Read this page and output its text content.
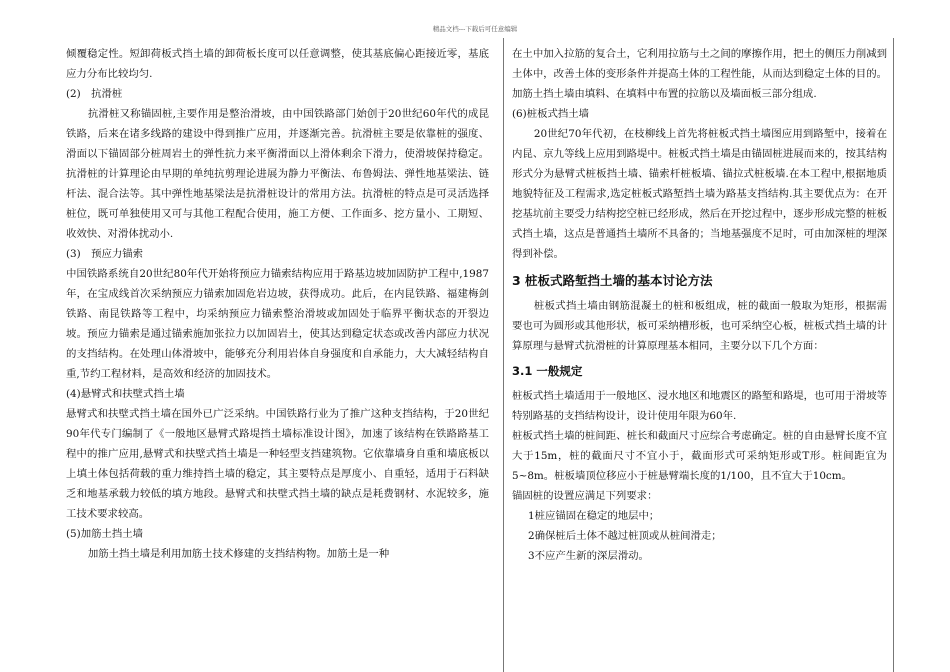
精品文档---下载后可任意编辑

倾覆稳定性。短卸荷板式挡土墙的卸荷板长度可以任意调整，使其基底偏心距接近零，基底应力分布比较均匀.

(2)　抗滑桩

抗滑桩又称锚固桩,主要作用是整治滑坡，由中国铁路部门始创于20世纪60年代的成昆铁路，后来在诸多线路的建设中得到推广应用，并逐渐完善。抗滑桩主要是依靠桩的强度、滑面以下锚固部分桩周岩土的弹性抗力来平衡滑面以上滑体剩余下滑力，使滑坡保持稳定。抗滑桩的计算理论由早期的单纯抗剪理论进展为静力平衡法、布鲁姆法、弹性地基梁法、链杆法、混合法等。其中弹性地基梁法是抗滑桩设计的常用方法。抗滑桩的特点是可灵活选择桩位，既可单独使用又可与其他工程配合使用，施工方便、工作面多、挖方量小、工期短、收效快、对滑体扰动小.

(3)　预应力锚索

中国铁路系统自20世纪80年代开始将预应力锚索结构应用于路基边坡加固防护工程中,1987年，在宝成线首次采纳预应力锚索加固危岩边坡，获得成功。此后，在内昆铁路、福建梅剑铁路、南昆铁路等工程中，均采纳预应力锚索整治滑坡或加固处于临界平衡状态的开裂边坡。预应力锚索是通过锚索施加张拉力以加固岩土，使其达到稳定状态或改善内部应力状况的支挡结构。在处理山体滑坡中，能够充分利用岩体自身强度和自承能力，大大减轻结构自重,节约工程材料，是高效和经济的加固技术。

(4)悬臂式和扶壁式挡土墙

悬臂式和扶壁式挡土墙在国外已广泛采纳。中国铁路行业为了推广这种支挡结构，于20世纪90年代专门编制了《一般地区悬臂式路堤挡土墙标准设计图》，加速了该结构在铁路路基工程中的推广应用,悬臂式和扶壁式挡土墙是一种轻型支挡建筑物。它依靠墙身自重和墙底板以上填土体包括荷载的重力维持挡土墙的稳定，其主要特点是厚度小、自重轻，适用于石料缺乏和地基承载力较低的填方地段。悬臂式和扶壁式挡土墙的缺点是耗费钢材、水泥较多，施工技术要求较高。

(5)加筋土挡土墙

加筋土挡土墙是利用加筋土技术修建的支挡结构物。加筋土是一种

在土中加入拉筋的复合土，它利用拉筋与土之间的摩擦作用，把土的侧压力削减到土体中，改善土体的变形条件并提高土体的工程性能，从而达到稳定土体的目的。加筋土挡土墙由填料、在填料中布置的拉筋以及墙面板三部分组成.

(6)桩板式挡土墙

20世纪70年代初，在枝柳线上首先将桩板式挡土墙图应用到路堑中，接着在内昆、京九等线上应用到路堤中。桩板式挡土墙是由锚固桩进展而来的，按其结构形式分为悬臂式桩板挡土墙、锚索杆桩板墙、锚拉式桩板墙.在本工程中,根据地质地貌特征及工程需求,选定桩板式路堑挡土墙为路基支挡结构.其主要优点为：在开挖基坑前主要受力结构挖空桩已经形成，然后在开挖过程中，逐步形成完整的桩板式挡土墙，这点是普通挡土墙所不具备的；当地基强度不足时，可由加深桩的埋深得到补偿。

3 桩板式路堑挡土墙的基本讨论方法

桩板式挡土墙由钢筋混凝土的桩和板组成，桩的截面一般取为矩形，根据需要也可为圆形或其他形状，板可采纳槽形板，也可采纳空心板，桩板式挡土墙的计算原理与悬臂式抗滑桩的计算原理基本相同，主要分以下几个方面：

3.1 一般规定

桩板式挡土墙适用于一般地区、浸水地区和地震区的路堑和路堤，也可用于滑坡等特别路基的支挡结构设计，设计使用年限为60年.

桩板式挡土墙的桩间距、桩长和截面尺寸应综合考虑确定。桩的自由悬臂长度不宜大于15m，桩的截面尺寸不宜小于，截面形式可采纳矩形或T形。桩间距宜为5~8m。桩板墙顶位移应小于桩悬臂端长度的1/100，且不宜大于10cm。

锚固桩的设置应满足下列要求：

1桩应锚固在稳定的地层中；

2确保桩后土体不越过桩顶或从桩间滑走；

3不应产生新的深层滑动。
